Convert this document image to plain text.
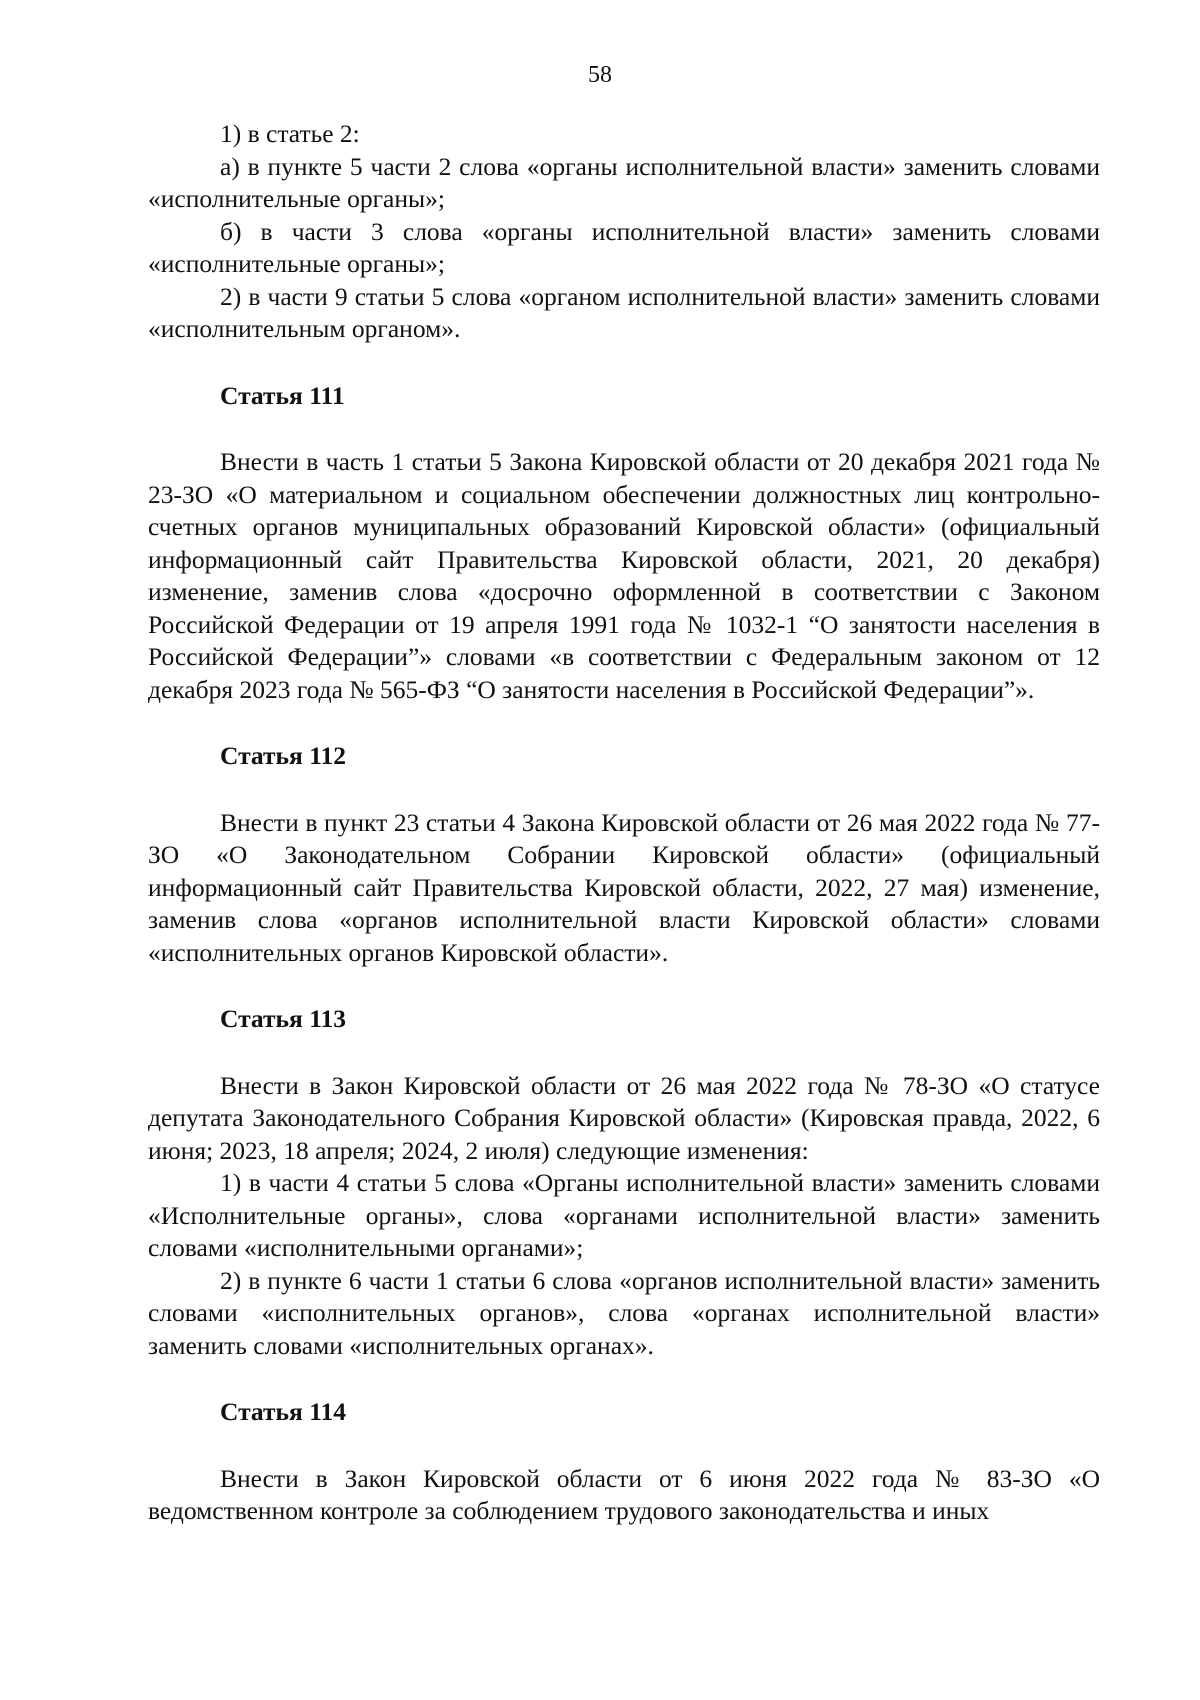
58

1) в статье 2:

а) в пункте 5 части 2 слова «органы исполнительной власти» заменить словами «исполнительные органы»;

б) в части 3 слова «органы исполнительной власти» заменить словами «исполнительные органы»;

2) в части 9 статьи 5 слова «органом исполнительной власти» заменить словами «исполнительным органом».

Статья 111

Внести в часть 1 статьи 5 Закона Кировской области от 20 декабря 2021 года № 23-ЗО «О материальном и социальном обеспечении должностных лиц контрольно-счетных органов муниципальных образований Кировской области» (официальный информационный сайт Правительства Кировской области, 2021, 20 декабря) изменение, заменив слова «досрочно оформленной в соответствии с Законом Российской Федерации от 19 апреля 1991 года № 1032-1 “О занятости населения в Российской Федерации”» словами «в соответствии с Федеральным законом от 12 декабря 2023 года № 565-ФЗ “О занятости населения в Российской Федерации”».

Статья 112

Внести в пункт 23 статьи 4 Закона Кировской области от 26 мая 2022 года № 77-ЗО «О Законодательном Собрании Кировской области» (официальный информационный сайт Правительства Кировской области, 2022, 27 мая) изменение, заменив слова «органов исполнительной власти Кировской области» словами «исполнительных органов Кировской области».

Статья 113

Внести в Закон Кировской области от 26 мая 2022 года № 78-ЗО «О статусе депутата Законодательного Собрания Кировской области» (Кировская правда, 2022, 6 июня; 2023, 18 апреля; 2024, 2 июля) следующие изменения:

1) в части 4 статьи 5 слова «Органы исполнительной власти» заменить словами «Исполнительные органы», слова «органами исполнительной власти» заменить словами «исполнительными органами»;

2) в пункте 6 части 1 статьи 6 слова «органов исполнительной власти» заменить словами «исполнительных органов», слова «органах исполнительной власти» заменить словами «исполнительных органах».

Статья 114

Внести в Закон Кировской области от 6 июня 2022 года № 83-ЗО «О ведомственном контроле за соблюдением трудового законодательства и иных
